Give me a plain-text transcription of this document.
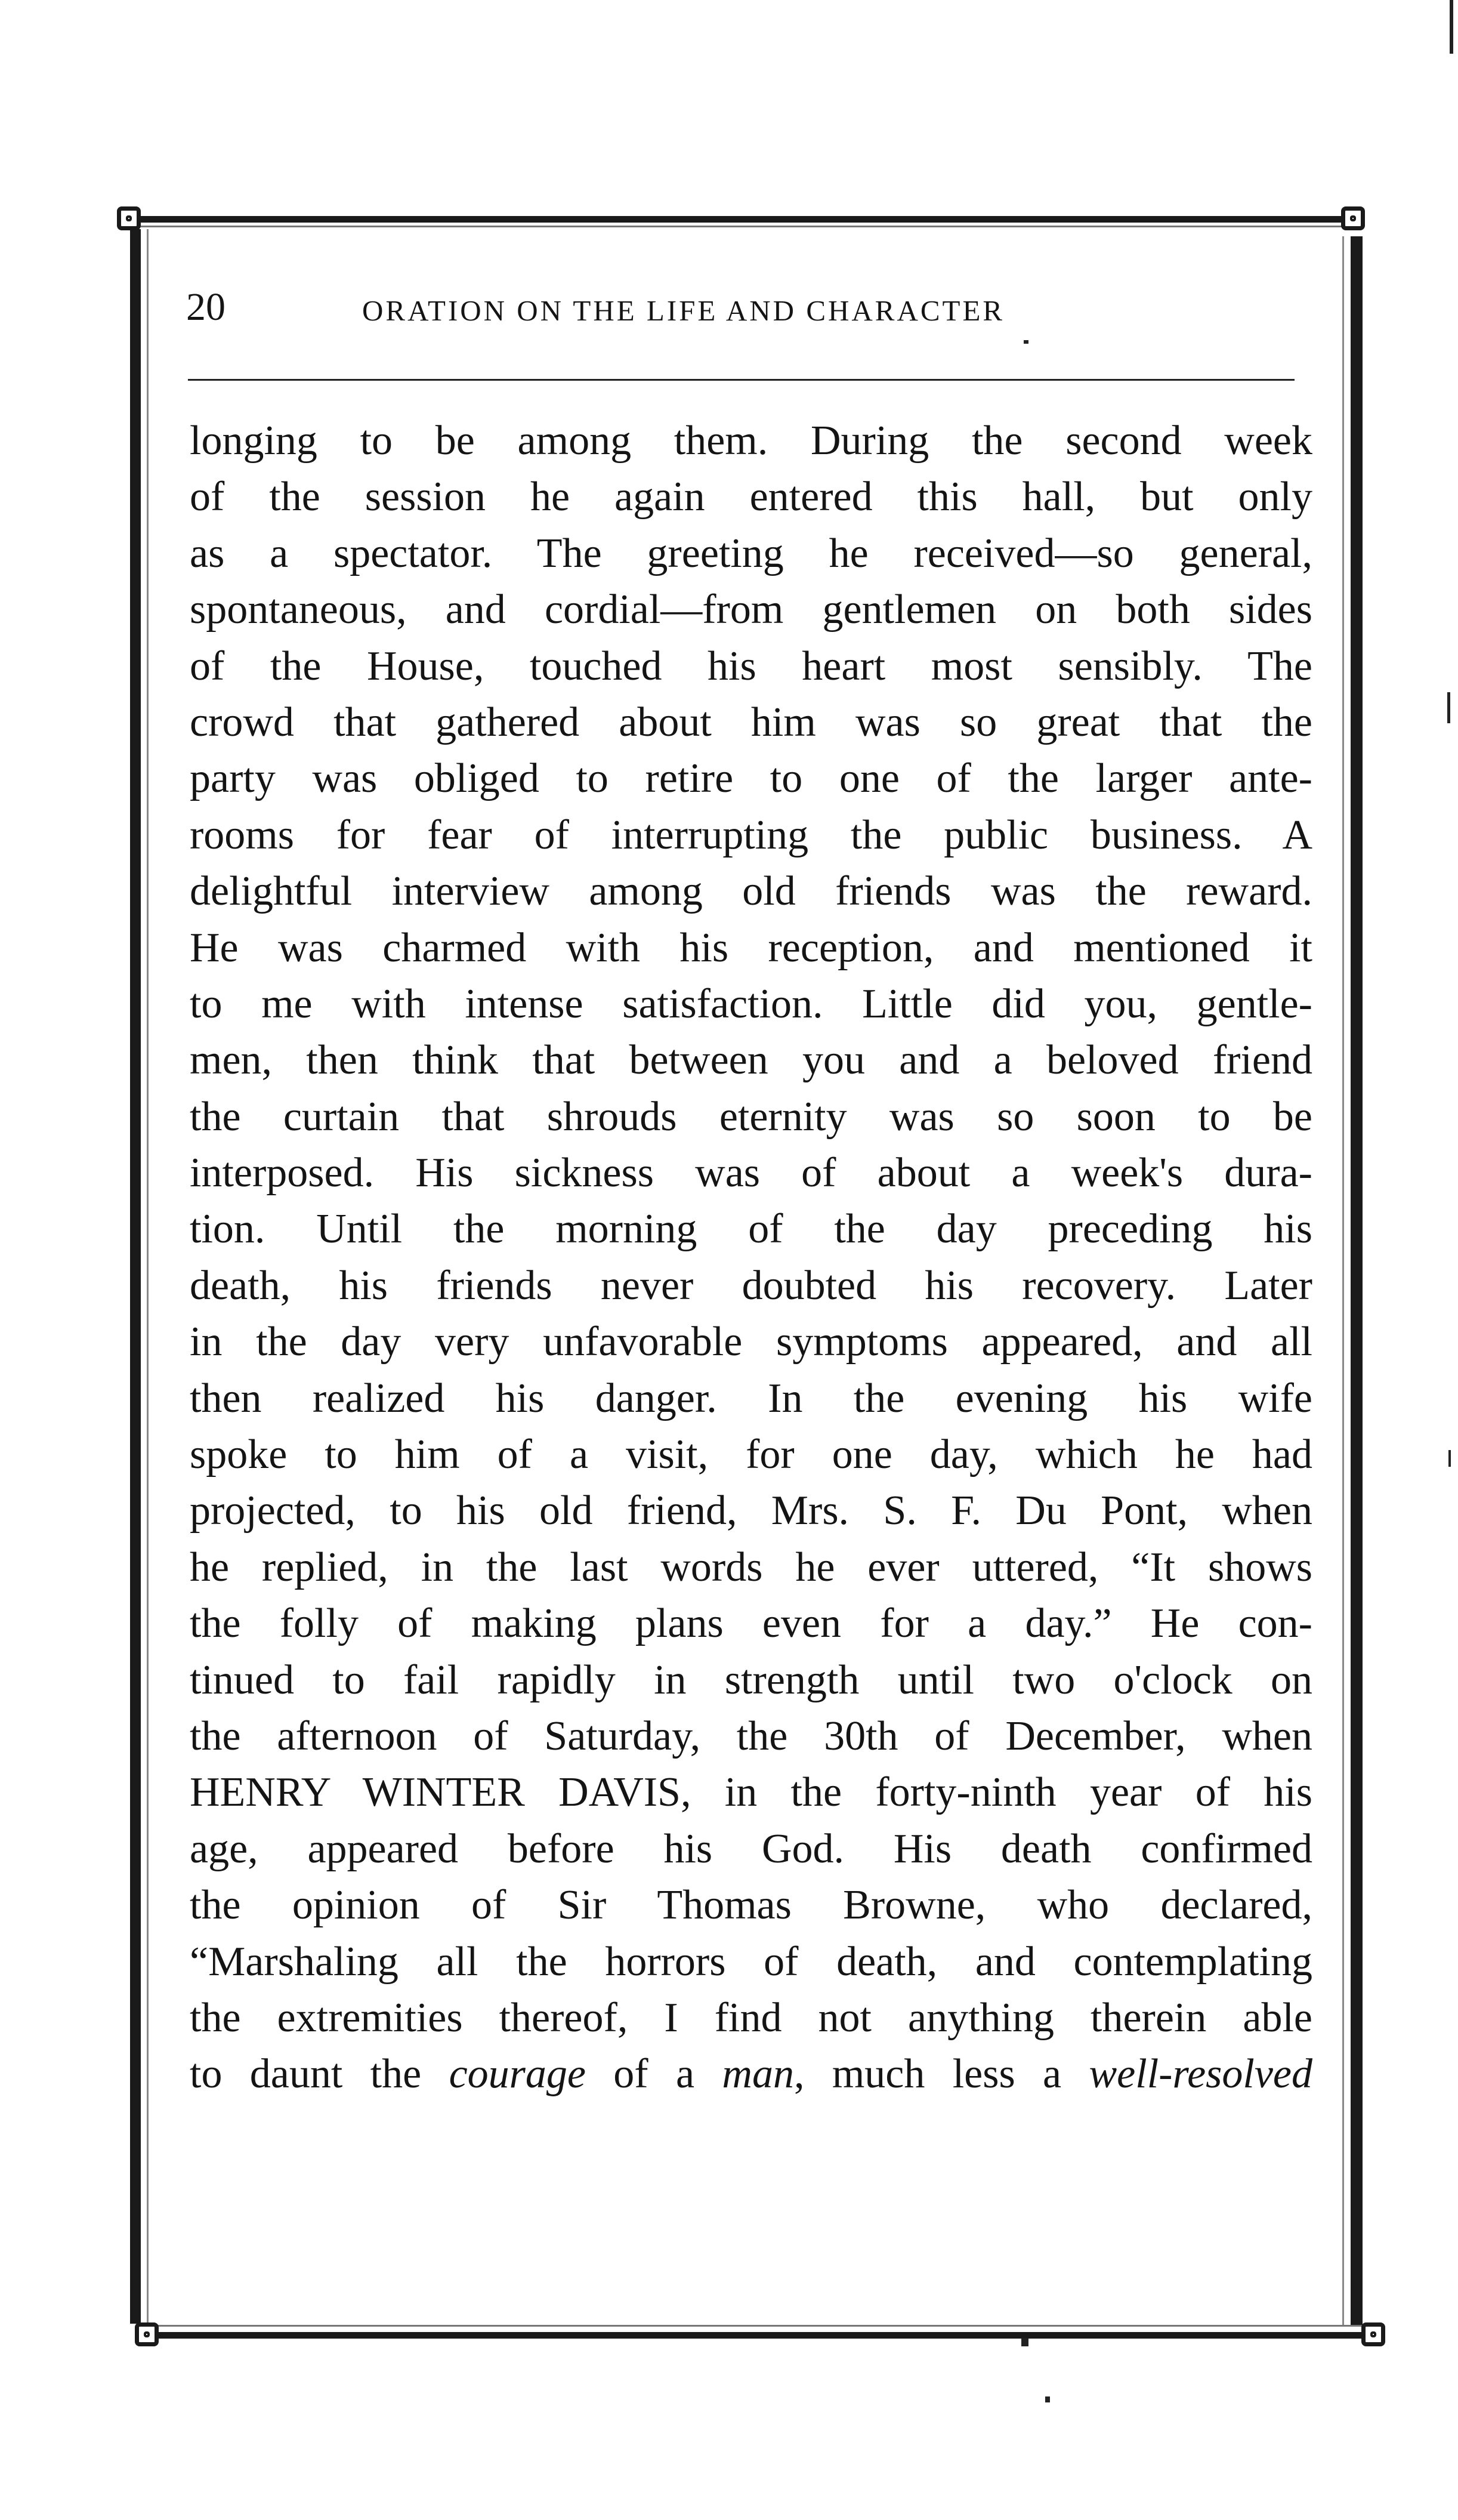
20	ORATION ON THE LIFE AND CHARACTER
longing to be among them. During the second week
of the session he again entered this hall, but only
as a spectator. The greeting he received—so general,
spontaneous, and cordial—from gentlemen on both sides
of the House, touched his heart most sensibly. The
crowd that gathered about him was so great that the
party was obliged to retire to one of the larger ante-
rooms for fear of interrupting the public business. A
delightful interview among old friends was the reward.
He was charmed with his reception, and mentioned it
to me with intense satisfaction. Little did you, gentle-
men, then think that between you and a beloved friend
the curtain that shrouds eternity was so soon to be
interposed. His sickness was of about a week's dura-
tion. Until the morning of the day preceding his
death, his friends never doubted his recovery. Later
in the day very unfavorable symptoms appeared, and all
then realized his danger. In the evening his wife
spoke to him of a visit, for one day, which he had
projected, to his old friend, Mrs. S. F. Du Pont, when
he replied, in the last words he ever uttered, “It shows
the folly of making plans even for a day.” He con-
tinued to fail rapidly in strength until two o'clock on
the afternoon of Saturday, the 30th of December, when
HENRY WINTER DAVIS, in the forty-ninth year of his
age, appeared before his God. His death confirmed
the opinion of Sir Thomas Browne, who declared,
“Marshaling all the horrors of death, and contemplating
the extremities thereof, I find not anything therein able
to daunt the courage of a man, much less a well-resolved
